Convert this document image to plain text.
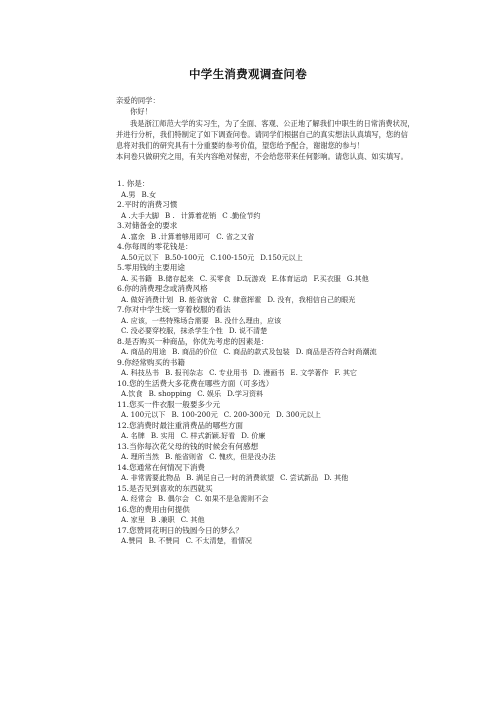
中学生消费观调查问卷

亲爱的同学：

你好！

我是浙江师范大学的实习生，为了全面、客观、公正地了解我们中职生的日常消费状况，

并进行分析，我们特制定了如下调查问卷。请同学们根据自己的真实想法认真填写，您的信

息将对我们的研究具有十分重要的参考价值，望您给予配合，谢谢您的参与！

本问卷只做研究之用，有关内容绝对保密，不会给您带来任何影响。请您认真、如实填写。

1. 你是：
A.男 B.女
2.平时的消费习惯
A .大手大脚 B . 计算着花销 C .勤俭节约
3.对储备金的要求
A .富余 B .计算着够用即可 C. 省之又省
4.你每周的零花钱是：
A.50元以下 B.50-100元 C.100-150元 D.150元以上
5.零用钱的主要用途
A. 买书籍 B.储存起来 C. 买零食 D.玩游戏 E.体育运动 F.买衣服 G.其他
6.你的消费理念或消费风格
A. 做好消费计划 B. 能省就省 C. 肆意挥霍 D. 没有，我相信自己的眼光
7.你对中学生统一穿着校服的看法
A. 应该，一些特殊场合需要 B. 没什么理由，应该
C. 没必要穿校服，抹杀学生个性 D. 说不清楚
8.是否购买一种商品，你优先考虑的因素是：
A. 商品的用途 B. 商品的价位 C. 商品的款式及包装 D. 商品是否符合时尚潮流
9.你经常购买的书籍
A. 科技丛书 B. 报刊杂志 C. 专业用书 D. 漫画书 E. 文学著作 F. 其它
10.您的生活费大多花费在哪些方面（可多选）
A.饮食 B. shopping C. 娱乐 D.学习资料
11.您买一件衣服一般要多少元
A. 100元以下 B. 100-200元 C. 200-300元 D. 300元以上
12.您消费时最注重消费品的哪些方面
A. 名牌 B. 实用 C. 样式新颖.好看 D. 价廉
13.当你每次花父母的钱的时候会有何感想
A. 理所当然 B. 能省则省 C. 愧疚，但是没办法
14.您通常在何情况下消费
A. 非常需要此物品 B. 满足自己一时的消费欲望 C. 尝试新品 D. 其他
15.是否见到喜欢的东西就买
A. 经常会 B. 偶尔会 C. 如果不是急需则不会
16.您的费用由何提供
A. 家里 B .兼职 C. 其他
17.您赞同花明日的钱圆今日的梦么？
A.赞同 B. 不赞同 C. 不太清楚，看情况
